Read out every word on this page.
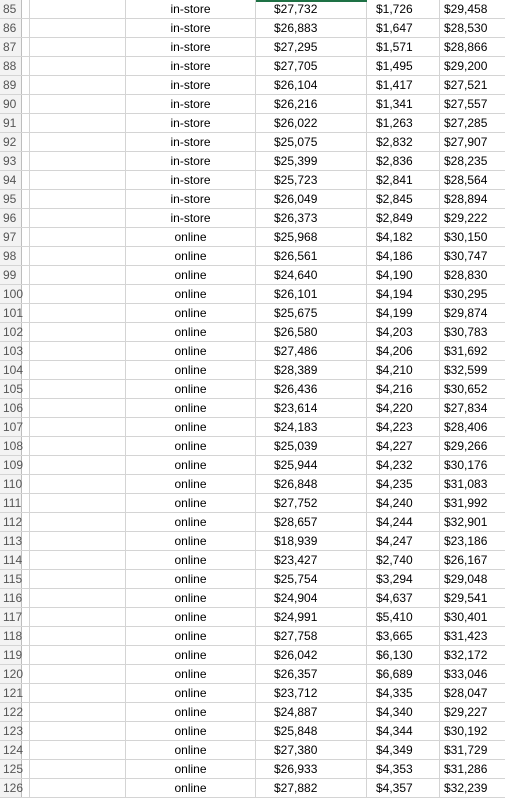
85	in-store	$27,732	$1,726	$29,458
86	in-store	$26,883	$1,647	$28,530
87	in-store	$27,295	$1,571	$28,866
88	in-store	$27,705	$1,495	$29,200
89	in-store	$26,104	$1,417	$27,521
90	in-store	$26,216	$1,341	$27,557
91	in-store	$26,022	$1,263	$27,285
92	in-store	$25,075	$2,832	$27,907
93	in-store	$25,399	$2,836	$28,235
94	in-store	$25,723	$2,841	$28,564
95	in-store	$26,049	$2,845	$28,894
96	in-store	$26,373	$2,849	$29,222
97	online	$25,968	$4,182	$30,150
98	online	$26,561	$4,186	$30,747
99	online	$24,640	$4,190	$28,830
100	online	$26,101	$4,194	$30,295
101	online	$25,675	$4,199	$29,874
102	online	$26,580	$4,203	$30,783
103	online	$27,486	$4,206	$31,692
104	online	$28,389	$4,210	$32,599
105	online	$26,436	$4,216	$30,652
106	online	$23,614	$4,220	$27,834
107	online	$24,183	$4,223	$28,406
108	online	$25,039	$4,227	$29,266
109	online	$25,944	$4,232	$30,176
110	online	$26,848	$4,235	$31,083
111	online	$27,752	$4,240	$31,992
112	online	$28,657	$4,244	$32,901
113	online	$18,939	$4,247	$23,186
114	online	$23,427	$2,740	$26,167
115	online	$25,754	$3,294	$29,048
116	online	$24,904	$4,637	$29,541
117	online	$24,991	$5,410	$30,401
118	online	$27,758	$3,665	$31,423
119	online	$26,042	$6,130	$32,172
120	online	$26,357	$6,689	$33,046
121	online	$23,712	$4,335	$28,047
122	online	$24,887	$4,340	$29,227
123	online	$25,848	$4,344	$30,192
124	online	$27,380	$4,349	$31,729
125	online	$26,933	$4,353	$31,286
126	online	$27,882	$4,357	$32,239
